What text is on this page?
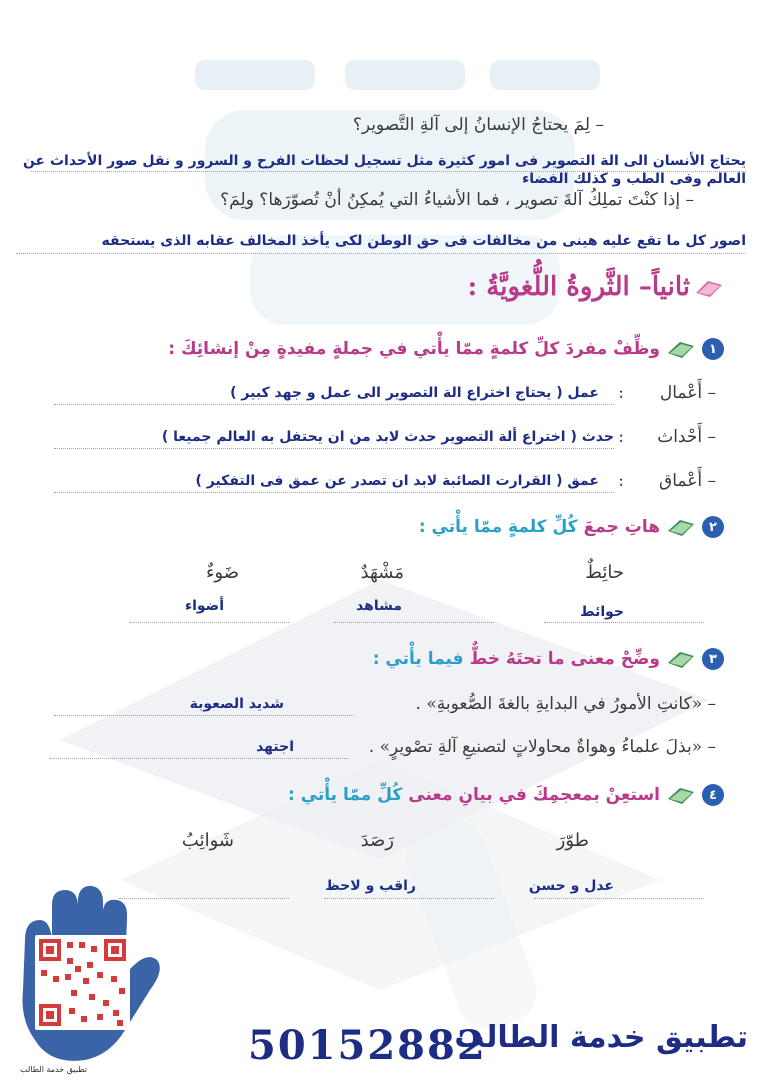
– لِمَ يحتاجُ الإنسانُ إلى آلةِ التَّصوير؟
يحتاج الأنسان الى الة التصوير فى امور كثيرة مثل تسجيل لحظات الفرح و السرور و نقل صور الأحداث عن العالم وفى الطب و كذلك الفضاء
– إذا كنْتَ تملِكُ آلةَ تصوير ، فما الأشياءُ التي يُمكِنُ أنْ تُصوّرَها؟ ولِمَ؟
اصور كل ما تقع عليه هينى من مخالفات فى حق الوطن لكى يأخذ المخالف عقابه الذى يستحقه
ثانياً– الثَّروةُ اللُّغويَّةُ :
١
وظِّفْ مفردَ كلِّ كلمةٍ ممّا يأْتي في جملةٍ مفيدةٍ مِنْ إنشائِكَ :
– أَعْمال
:
عمل ( يحتاج اختراع الة التصوير الى عمل و جهد كبير )
– أَحْداث
:
حدث ( اختراع ألة التصوير حدث لابد من ان يحتفل به العالم جميعا )
– أَعْماق
:
عمق ( القرارت الصائبة لابد ان تصدر عن عمق فى التفكير )
٢
هاتِ جمعَ
كُلِّ كلمةٍ ممّا يأْتي :
حائِطٌ
مَشْهَدٌ
ضَوءٌ
حوائط
مشاهد
أضواء
٣
وضِّحْ معنى ما تحتَهُ خطٌّ
فيما يأْتي :
– «كانتِ الأمورُ في البدايةِ بالغةَ الصُّعوبةِ» .
شديد الصعوبة
– «بذلَ علماءُ وهواةٌ محاولاتٍ لتصنيعِ آلةِ تصْويرٍ» .
اجتهد
٤
استعِنْ بمعجمِكَ في بيانِ معنى
كُلِّ ممّا يأْتي :
طوّرَ
رَصَدَ
شَوائِبُ
عدل و حسن
راقب و لاحظ
تطبيق خدمة الطالب
50152882
تطبيق خدمة الطالب
